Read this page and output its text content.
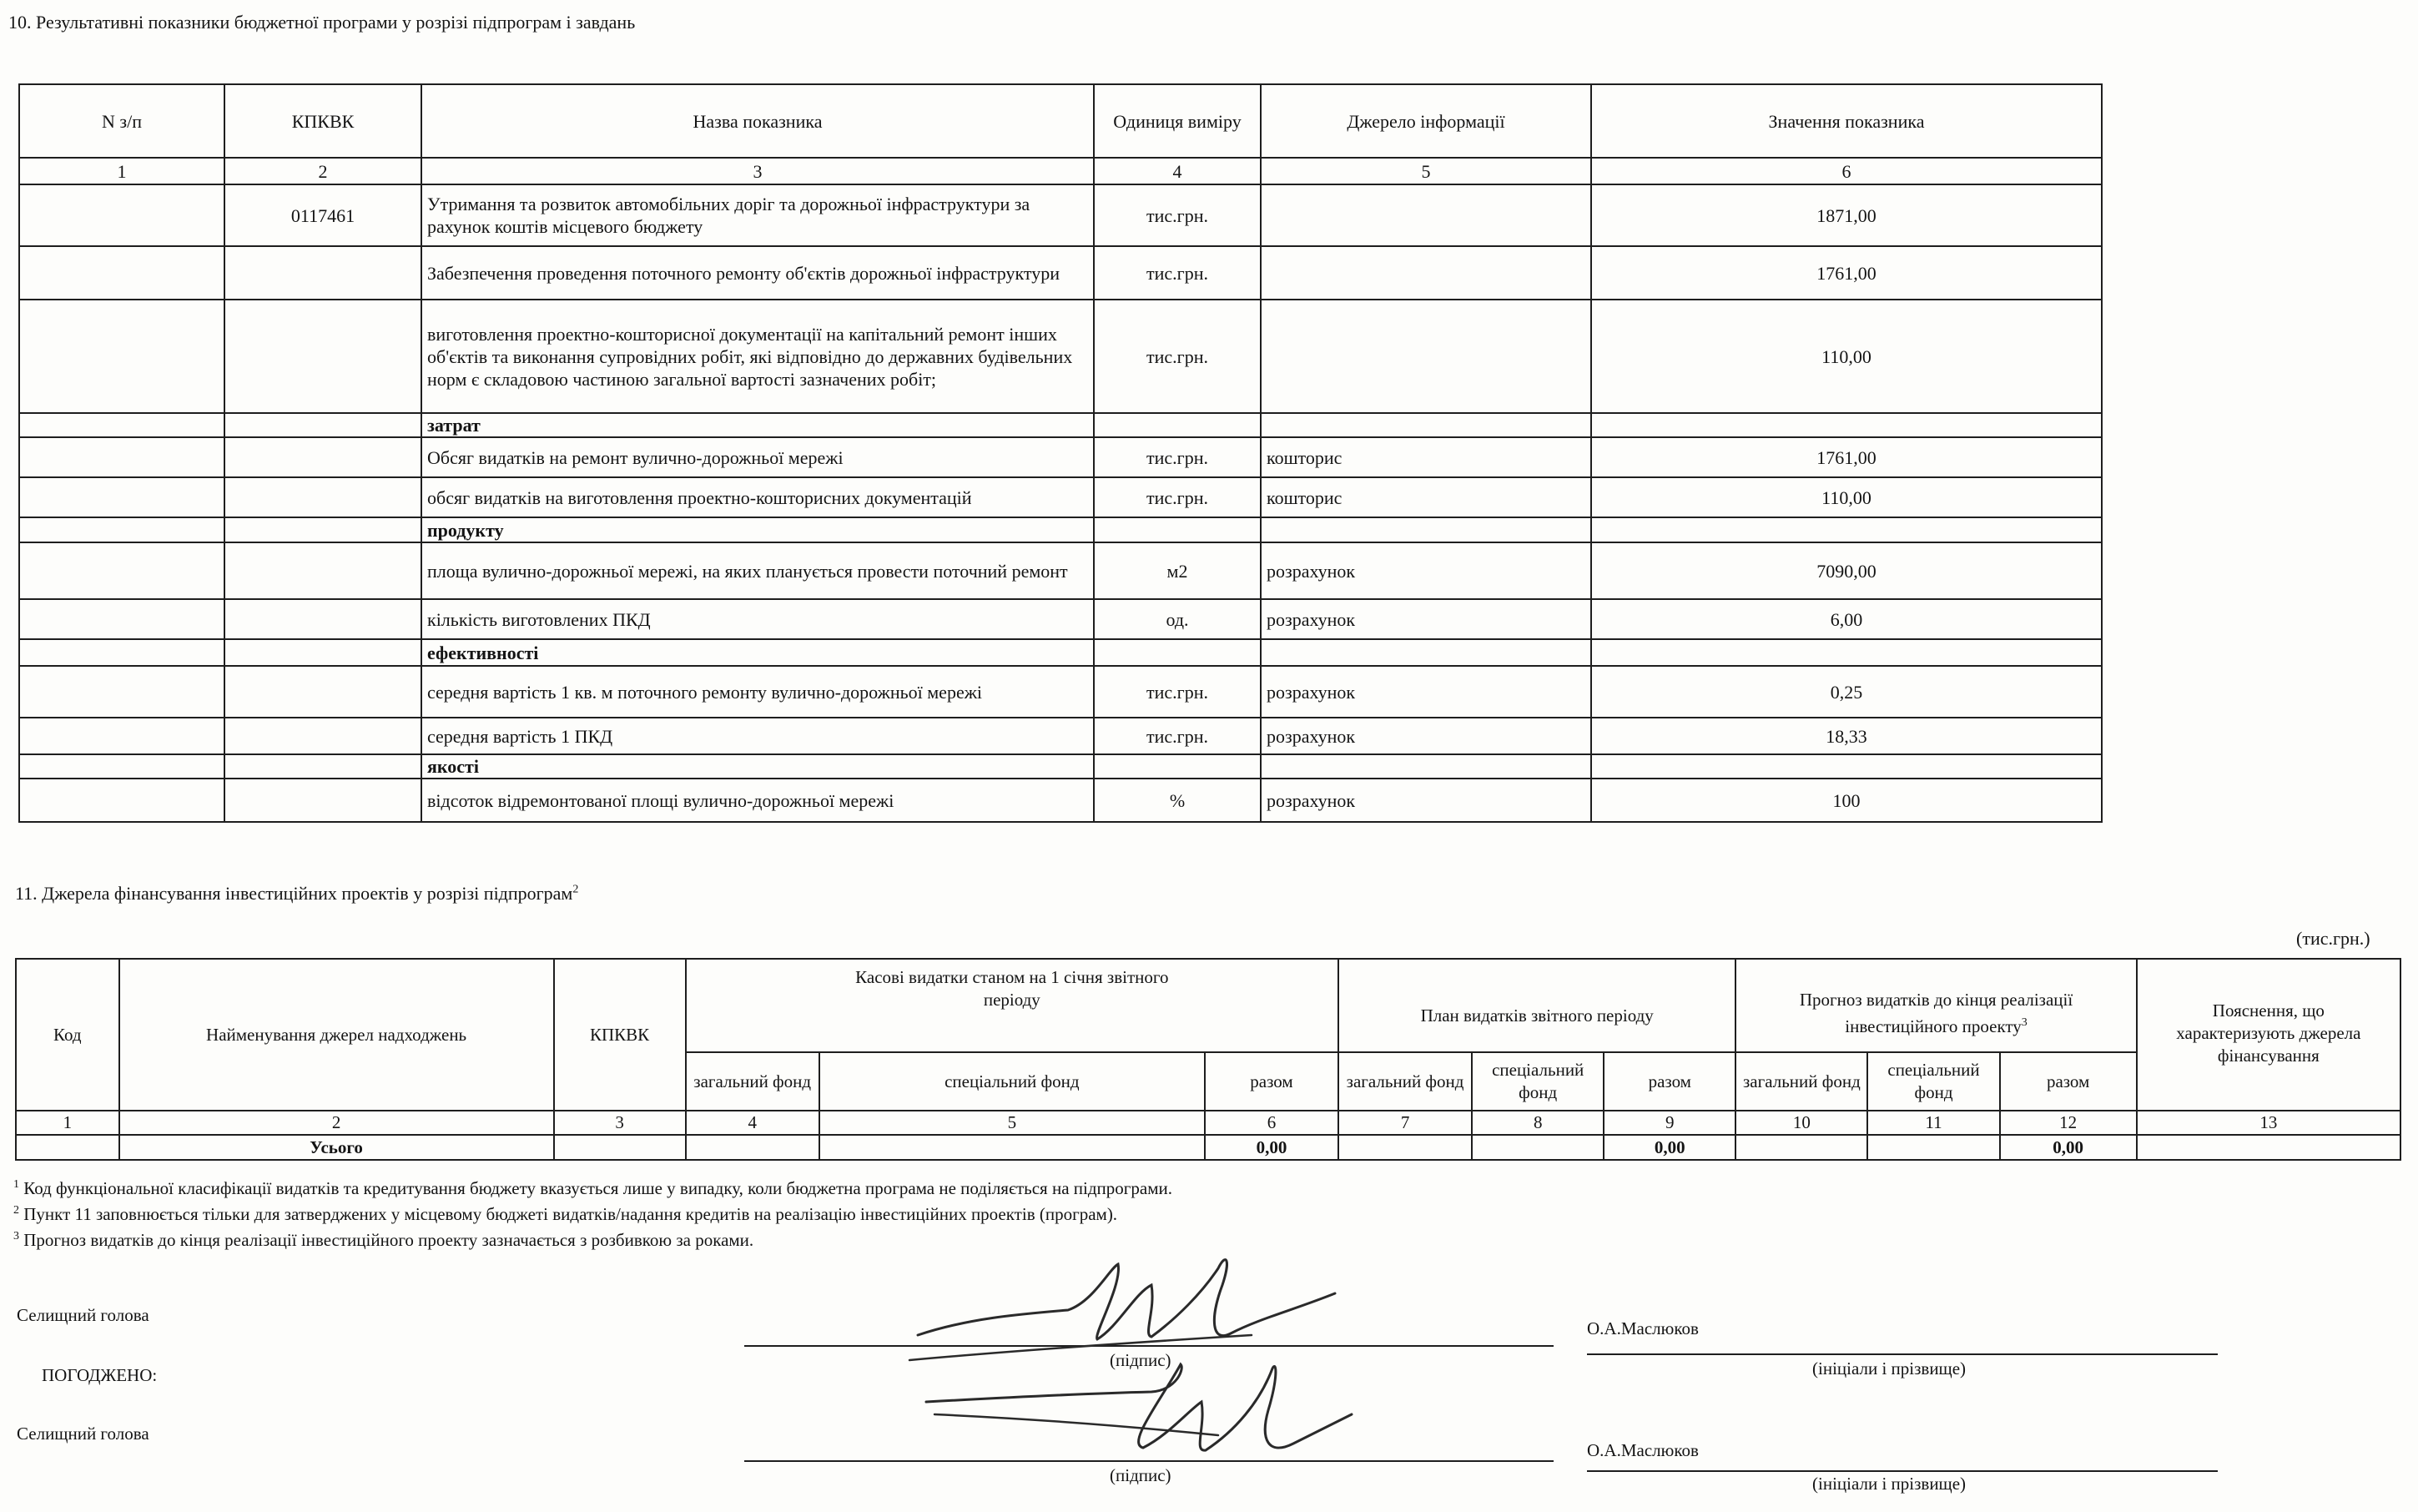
10. Результативні показники бюджетної програми у розрізі підпрограм і завдань
N з/п	КПКВК	Назва показника	Одиниця виміру	Джерело інформації	Значення показника
1	2	3	4	5	6
	0117461	Утримання та розвиток автомобільних доріг та дорожньої інфраструктури за рахунок коштів місцевого бюджету	тис.грн.		1871,00
		Забезпечення проведення поточного ремонту об'єктів дорожньої інфраструктури	тис.грн.		1761,00
		виготовлення проектно-кошторисної документації на капітальний ремонт інших об'єктів та виконання супровідних робіт, які відповідно до державних будівельних норм є складовою частиною загальної вартості зазначених робіт;	тис.грн.		110,00
		затрат			
		Обсяг видатків на ремонт вулично-дорожньої мережі	тис.грн.	кошторис	1761,00
		обсяг видатків на виготовлення проектно-кошторисних документацій	тис.грн.	кошторис	110,00
		продукту			
		площа вулично-дорожньої мережі, на яких планується провести поточний ремонт	м2	розрахунок	7090,00
		кількість виготовлених ПКД	од.	розрахунок	6,00
		ефективності			
		середня вартість 1 кв. м поточного ремонту вулично-дорожньої мережі	тис.грн.	розрахунок	0,25
		середня вартість 1 ПКД	тис.грн.	розрахунок	18,33
		якості			
		відсоток відремонтованої площі вулично-дорожньої мережі	%	розрахунок	100
11. Джерела фінансування інвестиційних проектів у розрізі підпрограм$^2$
(тис.грн.)
Код	Найменування джерел надходжень	КПКВК	Касові видатки станом на 1 січня звітного періоду			План видатків звітного періоду			Прогноз видатків до кінця реалізації інвестиційного проекту$^3$			Пояснення, що характеризують джерела фінансування
			загальний фонд	спеціальний фонд	разом	загальний фонд	спеціальний фонд	разом	загальний фонд	спеціальний фонд	разом	
1	2	3	4	5	6	7	8	9	10	11	12	13
	Усього				0,00			0,00			0,00	
$^1$ Код функціональної класифікації видатків та кредитування бюджету вказується лише у випадку, коли бюджетна програма не поділяється на підпрограми.
$^2$ Пункт 11 заповнюється тільки для затверджених у місцевому бюджеті видатків/надання кредитів на реалізацію інвестиційних проектів (програм).
$^3$ Прогноз видатків до кінця реалізації інвестиційного проекту зазначається з розбивкою за роками.
Селищний голова
(підпис)
О.А.Маслюков
(ініціали і прізвище)
ПОГОДЖЕНО:
Селищний голова
(підпис)
О.А.Маслюков
(ініціали і прізвище)
